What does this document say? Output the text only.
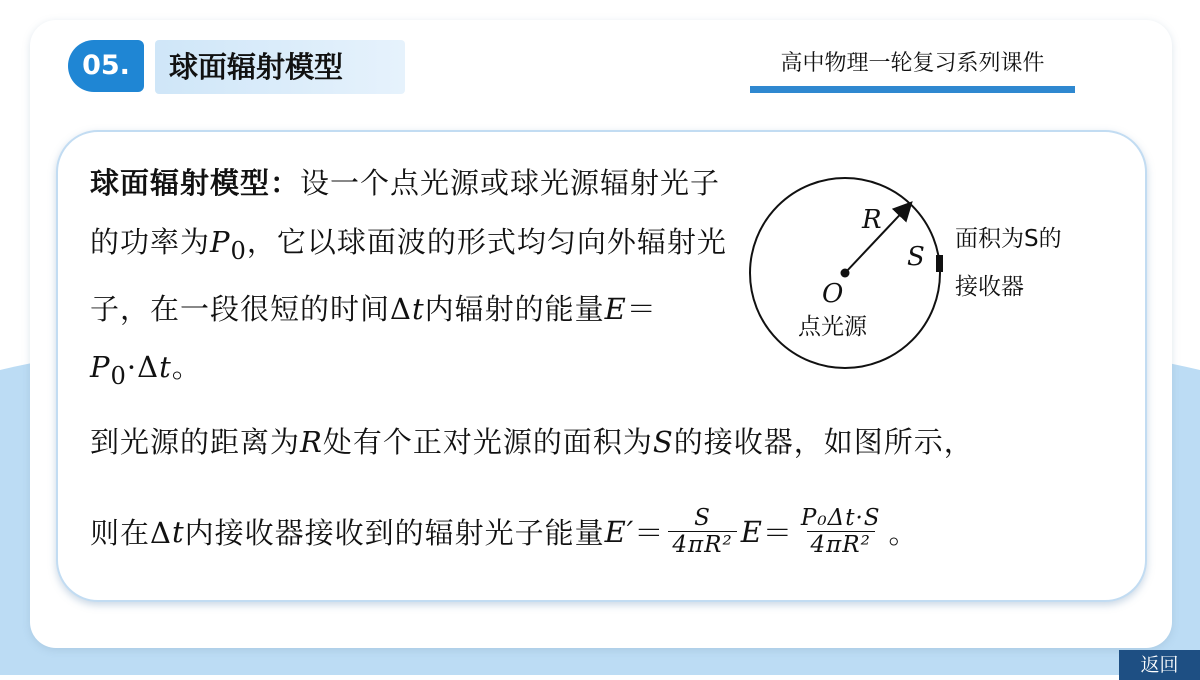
05.	球面辐射模型	高中物理一轮复习系列课件
球面辐射模型：设一个点光源或球光源辐射光子的功率为$P_0$，它以球面波的形式均匀向外辐射光子，在一段很短的时间Δt内辐射的能量$E=P_0\cdot\Delta t$。
到光源的距离为R处有个正对光源的面积为S的接收器，如图所示，
则在Δ t 内接收器接收到的辐射光子能量 $E' = \frac{S}{\text{4πR²}}$ $E = \frac{\text{P₀Δt·S}}{\text{4πR²}}$ 。
R
S
O
点光源
面积为S的
接收器
返回
